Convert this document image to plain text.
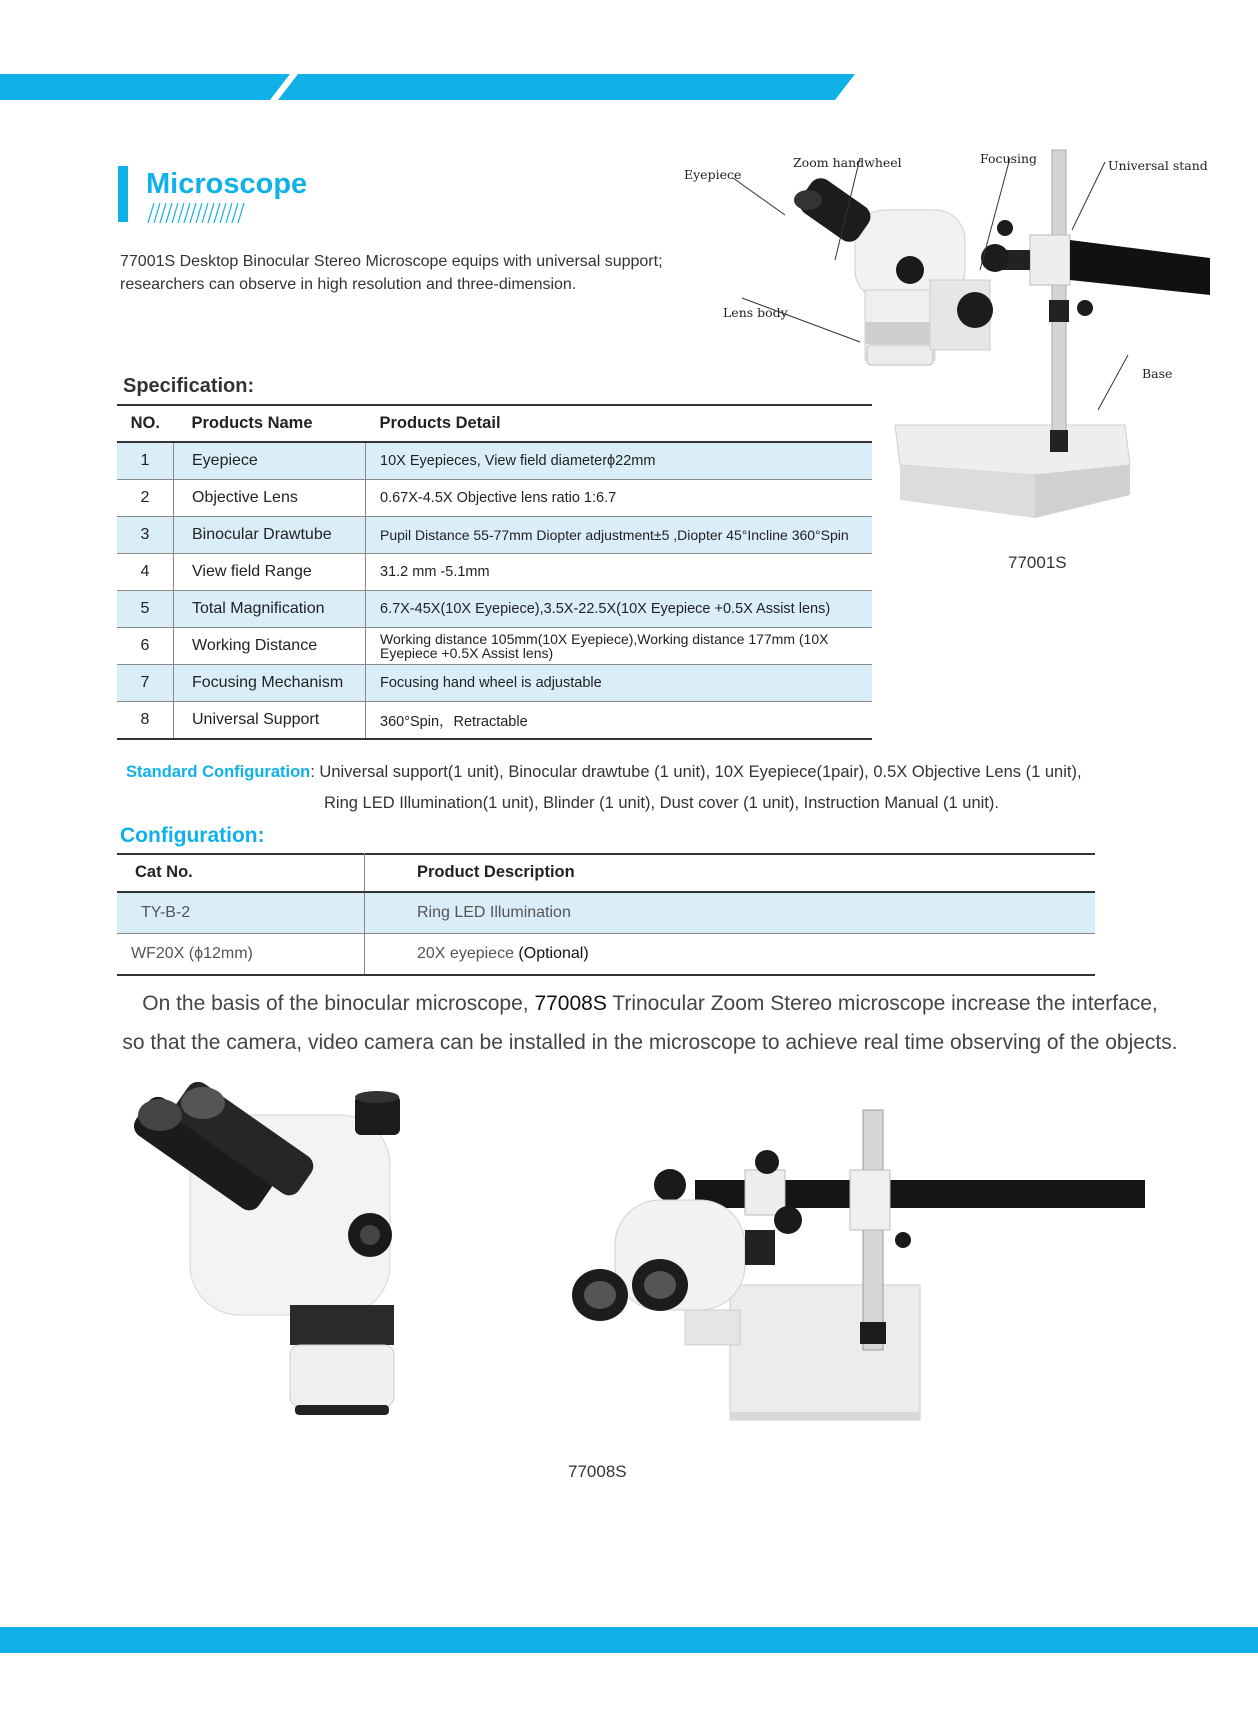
Microscope
77001S Desktop Binocular Stereo Microscope equips with universal support;
researchers can observe in high resolution and three-dimension.
Eyepiece
Zoom handwheel	Focusing	Universal stand
Lens body
Base
77001S
Specification:
NO.	Products Name	Products Detail
1	Eyepiece	10X Eyepieces, View field diameterϕ22mm
2	Objective Lens	0.67X-4.5X Objective lens ratio 1:6.7
3	Binocular Drawtube	Pupil Distance 55-77mm Diopter adjustment±5 ,Diopter 45°Incline 360°Spin
4	View field Range	31.2 mm -5.1mm
5	Total Magnification	6.7X-45X(10X Eyepiece),3.5X-22.5X(10X Eyepiece +0.5X Assist lens)
6	Working Distance	Working distance 105mm(10X Eyepiece),Working distance 177mm (10X Eyepiece +0.5X Assist lens)
7	Focusing Mechanism	Focusing hand wheel is adjustable
8	Universal Support	360°Spin，Retractable
Standard Configuration: Universal support(1 unit), Binocular drawtube (1 unit), 10X Eyepiece(1pair), 0.5X Objective Lens (1 unit),
Ring LED Illumination(1 unit), Blinder (1 unit), Dust cover (1 unit), Instruction Manual (1 unit).
Configuration:
Cat No.	Product Description
TY-B-2	Ring LED Illumination
WF20X (ϕ12mm)	20X eyepiece (Optional)
On the basis of the binocular microscope, 77008S Trinocular Zoom Stereo microscope increase the interface,
so that the camera, video camera can be installed in the microscope to achieve real time observing of the objects.
77008S
